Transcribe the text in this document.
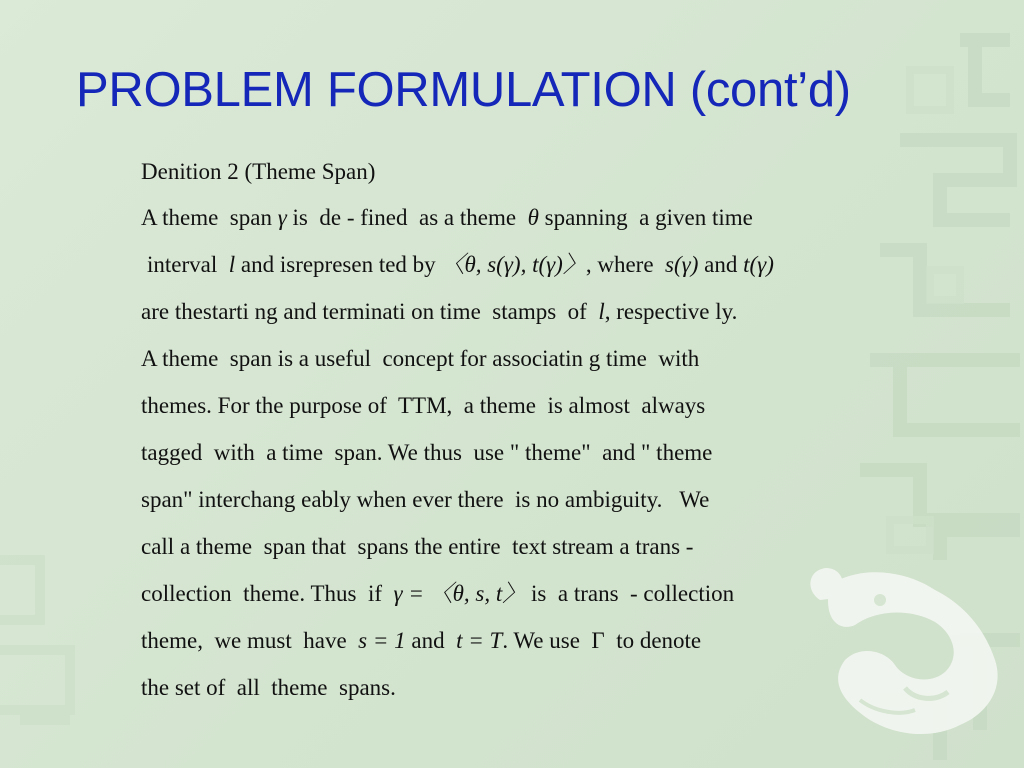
PROBLEM FORMULATION (cont’d)
Denition 2 (Theme Span)
A theme  span γ is  de - fined  as a theme  θ spanning  a given time
interval  l and isrepresen ted by 〈θ, s(γ), t(γ)〉, where  s(γ) and t(γ)
are thestarti ng and terminati on time  stamps  of  l, respective ly.
A theme  span is a useful  concept for associatin g time  with
themes. For the purpose of  TTM,  a theme  is almost  always
tagged  with  a time  span. We thus  use " theme"  and " theme
span" interchang eably when ever there  is no ambiguity.   We
call a theme  span that  spans the entire  text stream a trans -
collection  theme. Thus  if  γ = 〈θ, s, t〉 is  a trans  - collection
theme,  we must  have  s = 1 and  t = T. We use  Γ  to denote
the set of  all  theme  spans.
